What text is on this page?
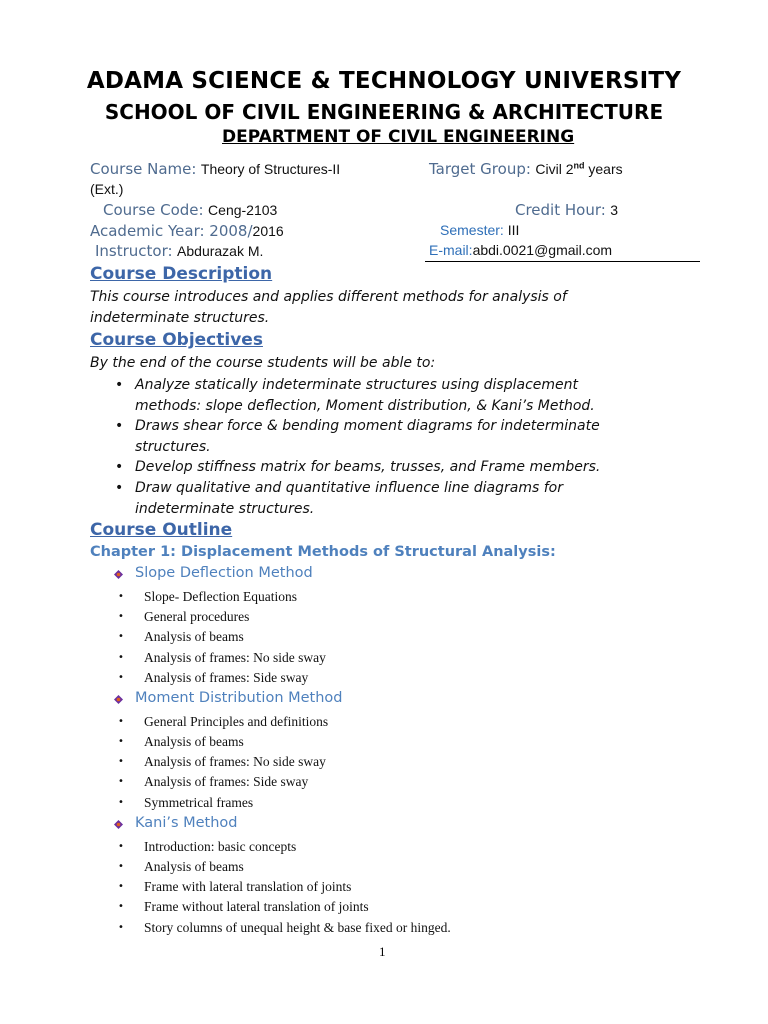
ADAMA SCIENCE & TECHNOLOGY UNIVERSITY
SCHOOL OF CIVIL ENGINEERING & ARCHITECTURE
DEPARTMENT OF CIVIL ENGINEERING
Course Name: Theory of Structures-II
(Ext.)
Target Group: Civil 2nd years
Course Code: Ceng-2103	Credit Hour: 3
Academic Year: 2008/2016	Semester: III
Instructor: Abdurazak M.	E-mail:abdi.0021@gmail.com
Course Description
This course introduces and applies different methods for analysis of
indeterminate structures.
Course Objectives
By the end of the course students will be able to:
• Analyze statically indeterminate structures using displacement
methods: slope deflection, Moment distribution, & Kani’s Method.
• Draws shear force & bending moment diagrams for indeterminate
structures.
• Develop stiffness matrix for beams, trusses, and Frame members.
• Draw qualitative and quantitative influence line diagrams for
indeterminate structures.
Course Outline
Chapter 1: Displacement Methods of Structural Analysis:
Slope Deflection Method
• Slope- Deflection Equations
• General procedures
• Analysis of beams
• Analysis of frames: No side sway
• Analysis of frames: Side sway
Moment Distribution Method
• General Principles and definitions
• Analysis of beams
• Analysis of frames: No side sway
• Analysis of frames: Side sway
• Symmetrical frames
Kani’s Method
• Introduction: basic concepts
• Analysis of beams
• Frame with lateral translation of joints
• Frame without lateral translation of joints
• Story columns of unequal height & base fixed or hinged.
1
